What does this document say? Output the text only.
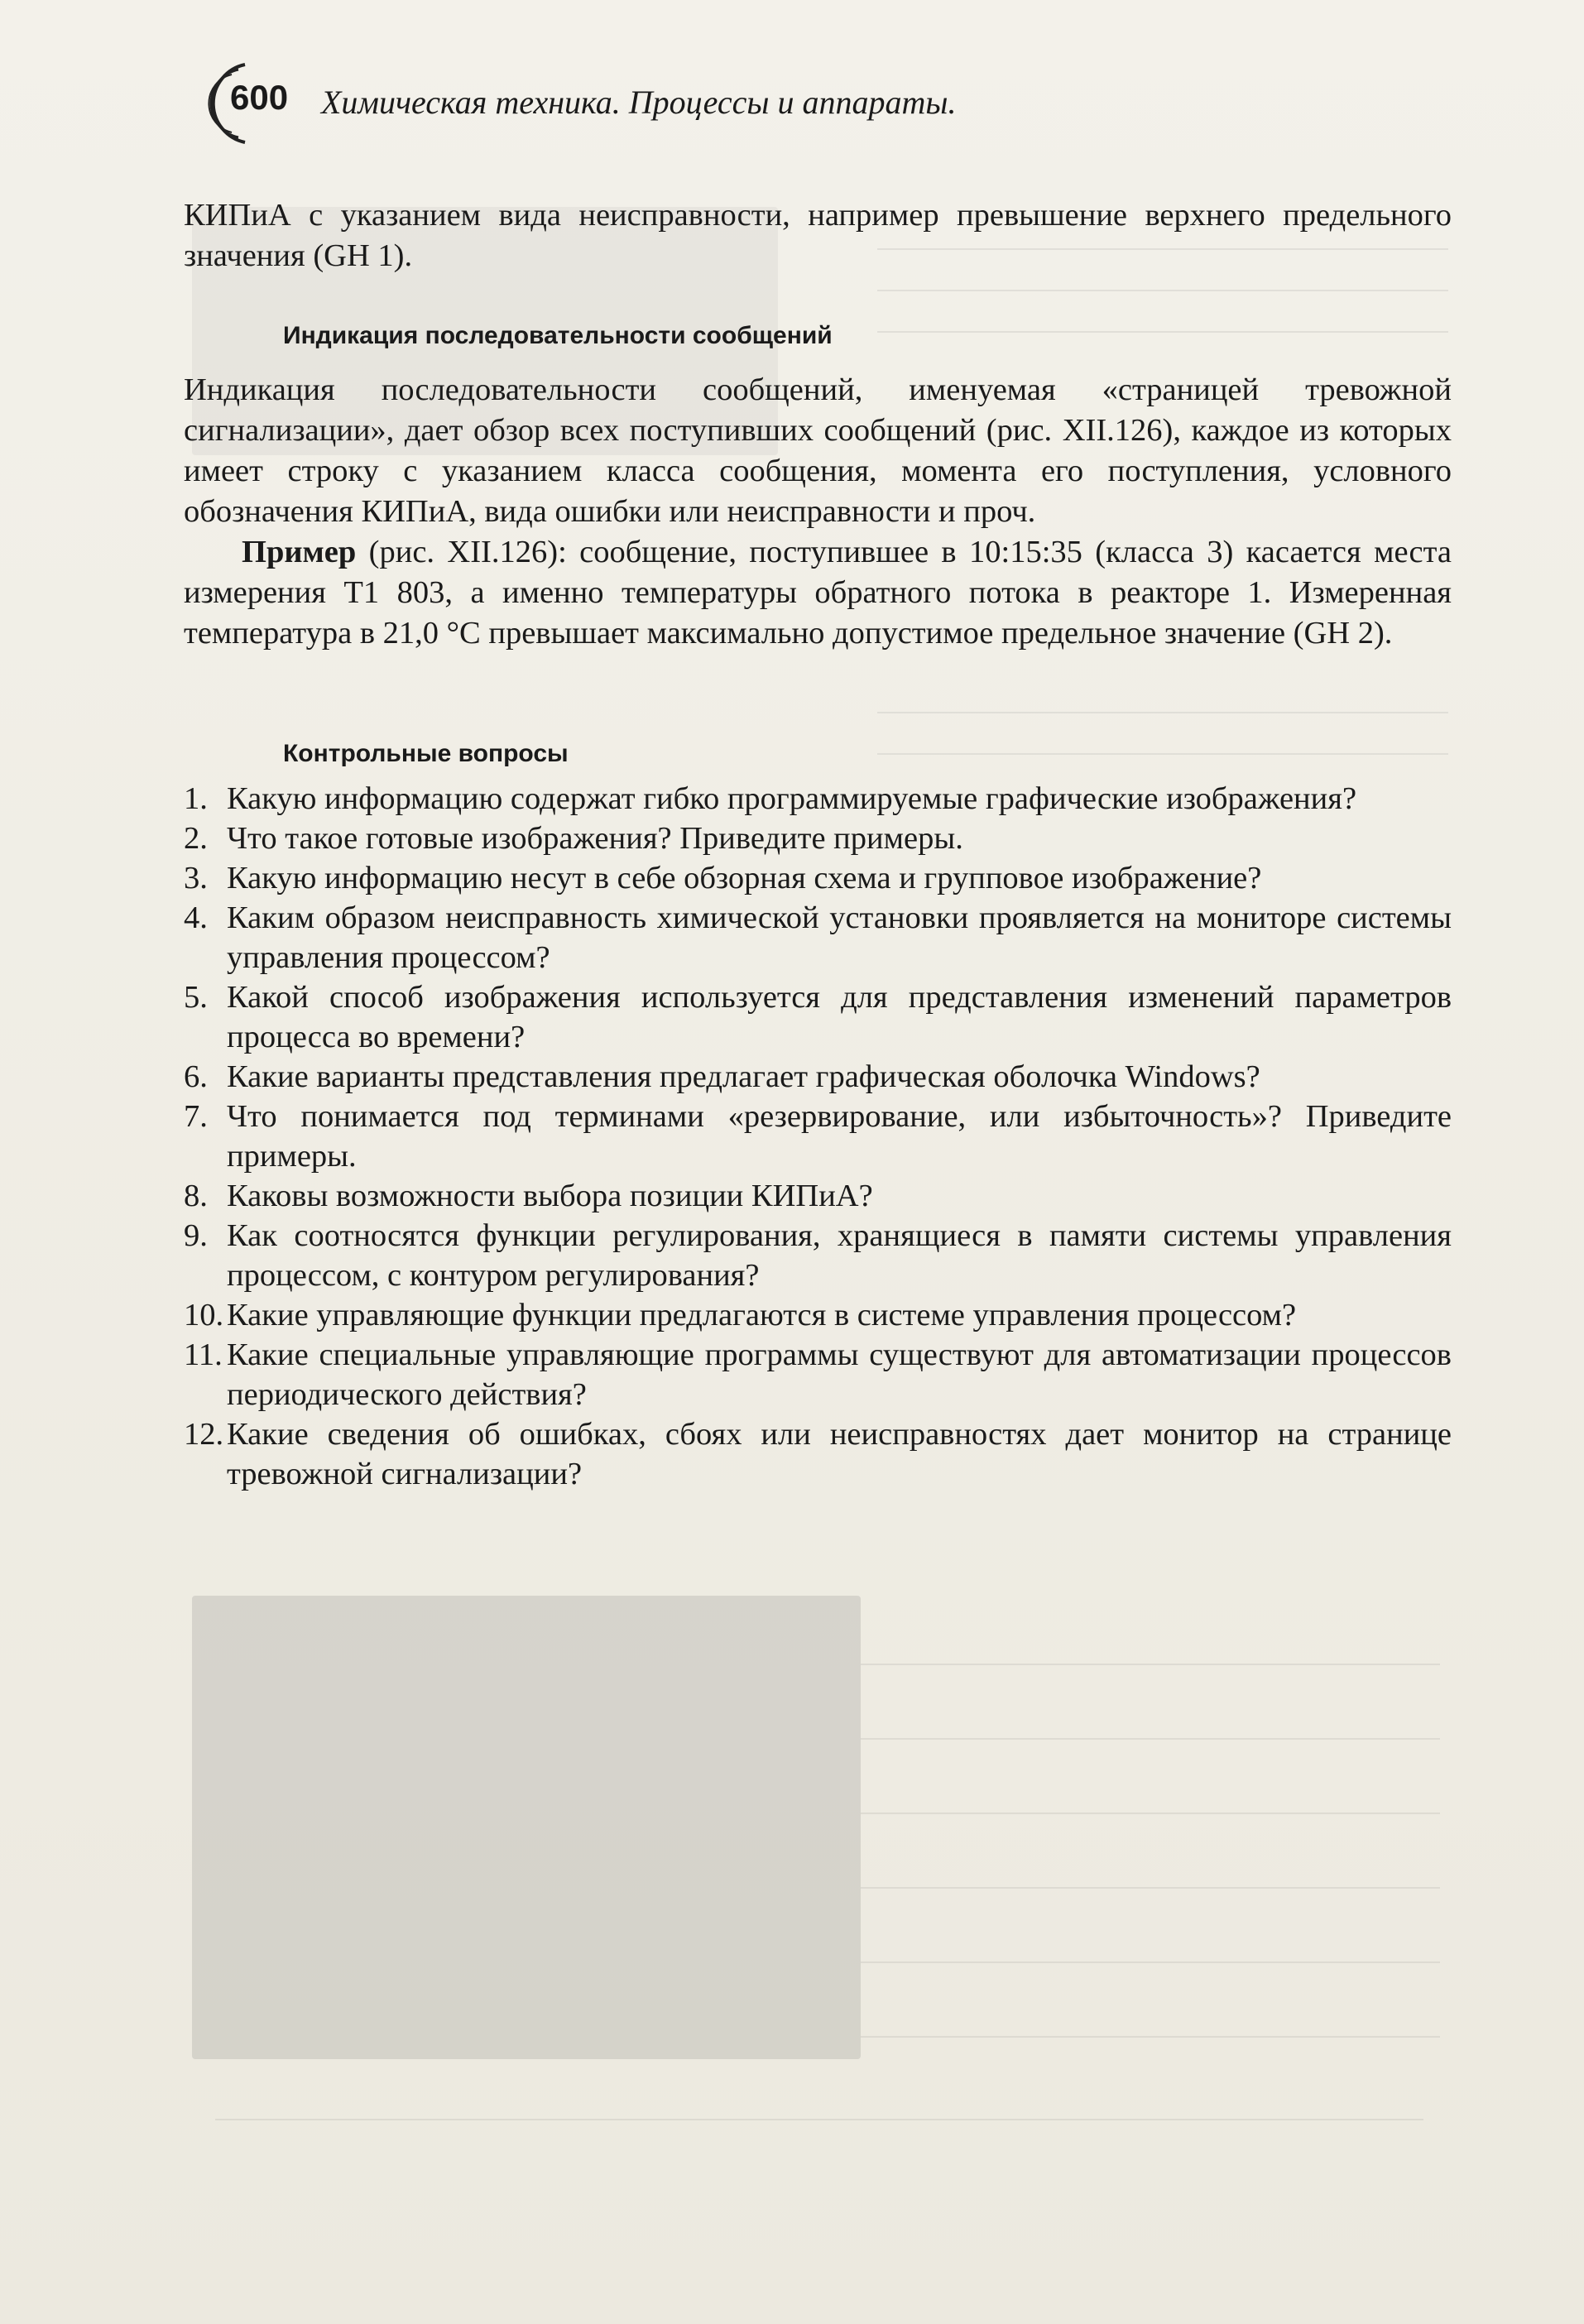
600 Химическая техника. Процессы и аппараты.

КИПиА с указанием вида неисправности, например превышение верхнего предельного значения (GH 1).

Индикация последовательности сообщений

Индикация последовательности сообщений, именуемая «страницей тревожной сигнализации», дает обзор всех поступивших сообщений (рис. XII.126), каждое из которых имеет строку с указанием класса сообщения, момента его поступления, условного обозначения КИПиА, вида ошибки или неисправности и проч.

Пример (рис. XII.126): сообщение, поступившее в 10:15:35 (класса 3) касается места измерения T1 803, а именно температуры обратного потока в реакторе 1. Измеренная температура в 21,0 °С превышает максимально допустимое предельное значение (GH 2).

Контрольные вопросы
1. Какую информацию содержат гибко программируемые графические изображения?
2. Что такое готовые изображения? Приведите примеры.
3. Какую информацию несут в себе обзорная схема и групповое изображение?
4. Каким образом неисправность химической установки проявляется на мониторе системы управления процессом?
5. Какой способ изображения используется для представления изменений параметров процесса во времени?
6. Какие варианты представления предлагает графическая оболочка Windows?
7. Что понимается под терминами «резервирование, или избыточность»? Приведите примеры.
8. Каковы возможности выбора позиции КИПиА?
9. Как соотносятся функции регулирования, хранящиеся в памяти системы управления процессом, с контуром регулирования?
10. Какие управляющие функции предлагаются в системе управления процессом?
11. Какие специальные управляющие программы существуют для автоматизации процессов периодического действия?
12. Какие сведения об ошибках, сбоях или неисправностях дает монитор на странице тревожной сигнализации?
